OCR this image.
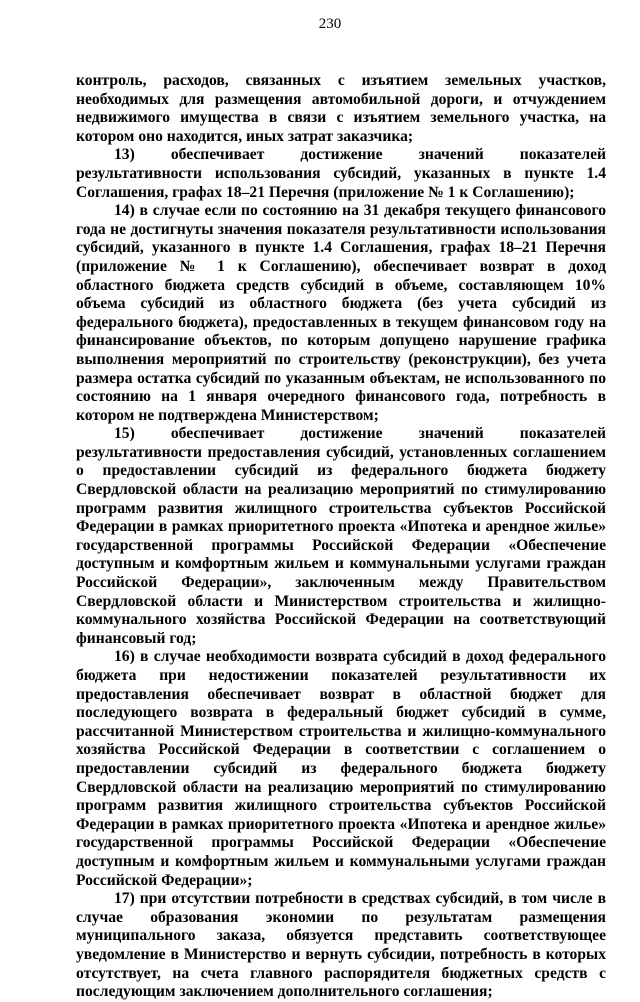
230

контроль, расходов, связанных с изъятием земельных участков, необходимых для размещения автомобильной дороги, и отчуждением недвижимого имущества в связи с изъятием земельного участка, на котором оно находится, иных затрат заказчика;

13) обеспечивает достижение значений показателей результативности использования субсидий, указанных в пункте 1.4 Соглашения, графах 18–21 Перечня (приложение № 1 к Соглашению);

14) в случае если по состоянию на 31 декабря текущего финансового года не достигнуты значения показателя результативности использования субсидий, указанного в пункте 1.4 Соглашения, графах 18–21 Перечня (приложение № 1 к Соглашению), обеспечивает возврат в доход областного бюджета средств субсидий в объеме, составляющем 10% объема субсидий из областного бюджета (без учета субсидий из федерального бюджета), предоставленных в текущем финансовом году на финансирование объектов, по которым допущено нарушение графика выполнения мероприятий по строительству (реконструкции), без учета размера остатка субсидий по указанным объектам, не использованного по состоянию на 1 января очередного финансового года, потребность в котором не подтверждена Министерством;

15) обеспечивает достижение значений показателей результативности предоставления субсидий, установленных соглашением о предоставлении субсидий из федерального бюджета бюджету Свердловской области на реализацию мероприятий по стимулированию программ развития жилищного строительства субъектов Российской Федерации в рамках приоритетного проекта «Ипотека и арендное жилье» государственной программы Российской Федерации «Обеспечение доступным и комфортным жильем и коммунальными услугами граждан Российской Федерации», заключенным между Правительством Свердловской области и Министерством строительства и жилищно-коммунального хозяйства Российской Федерации на соответствующий финансовый год;

16) в случае необходимости возврата субсидий в доход федерального бюджета при недостижении показателей результативности их предоставления обеспечивает возврат в областной бюджет для последующего возврата в федеральный бюджет субсидий в сумме, рассчитанной Министерством строительства и жилищно-коммунального хозяйства Российской Федерации в соответствии с соглашением о предоставлении субсидий из федерального бюджета бюджету Свердловской области на реализацию мероприятий по стимулированию программ развития жилищного строительства субъектов Российской Федерации в рамках приоритетного проекта «Ипотека и арендное жилье» государственной программы Российской Федерации «Обеспечение доступным и комфортным жильем и коммунальными услугами граждан Российской Федерации»;

17) при отсутствии потребности в средствах субсидий, в том числе в случае образования экономии по результатам размещения муниципального заказа, обязуется представить соответствующее уведомление в Министерство и вернуть субсидии, потребность в которых отсутствует, на счета главного распорядителя бюджетных средств с последующим заключением дополнительного соглашения;
